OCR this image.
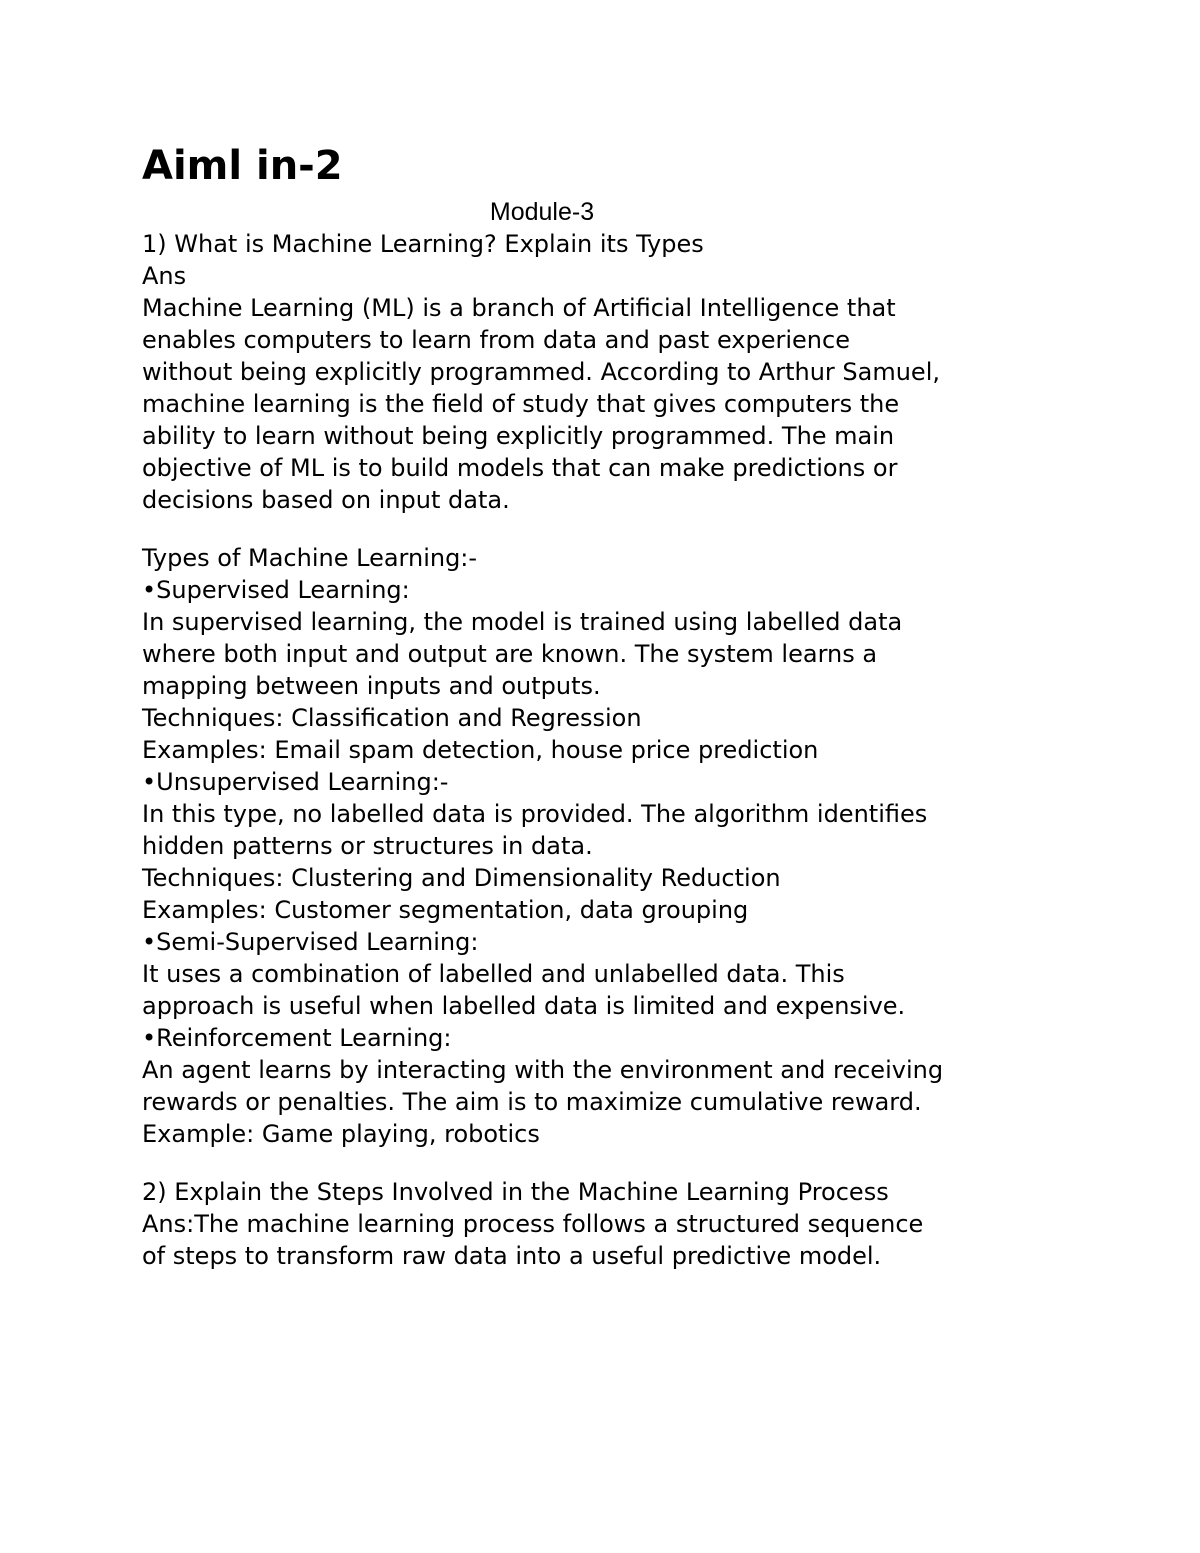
Aiml in-2
Module-3
1) What is Machine Learning? Explain its Types
Ans
Machine Learning (ML) is a branch of Artificial Intelligence that
enables computers to learn from data and past experience
without being explicitly programmed. According to Arthur Samuel,
machine learning is the field of study that gives computers the
ability to learn without being explicitly programmed. The main
objective of ML is to build models that can make predictions or
decisions based on input data.
Types of Machine Learning:-
•Supervised Learning:
In supervised learning, the model is trained using labelled data
where both input and output are known. The system learns a
mapping between inputs and outputs.
Techniques: Classification and Regression
Examples: Email spam detection, house price prediction
•Unsupervised Learning:-
In this type, no labelled data is provided. The algorithm identifies
hidden patterns or structures in data.
Techniques: Clustering and Dimensionality Reduction
Examples: Customer segmentation, data grouping
•Semi-Supervised Learning:
It uses a combination of labelled and unlabelled data. This
approach is useful when labelled data is limited and expensive.
•Reinforcement Learning:
An agent learns by interacting with the environment and receiving
rewards or penalties. The aim is to maximize cumulative reward.
Example: Game playing, robotics
2) Explain the Steps Involved in the Machine Learning Process
Ans:The machine learning process follows a structured sequence
of steps to transform raw data into a useful predictive model.
